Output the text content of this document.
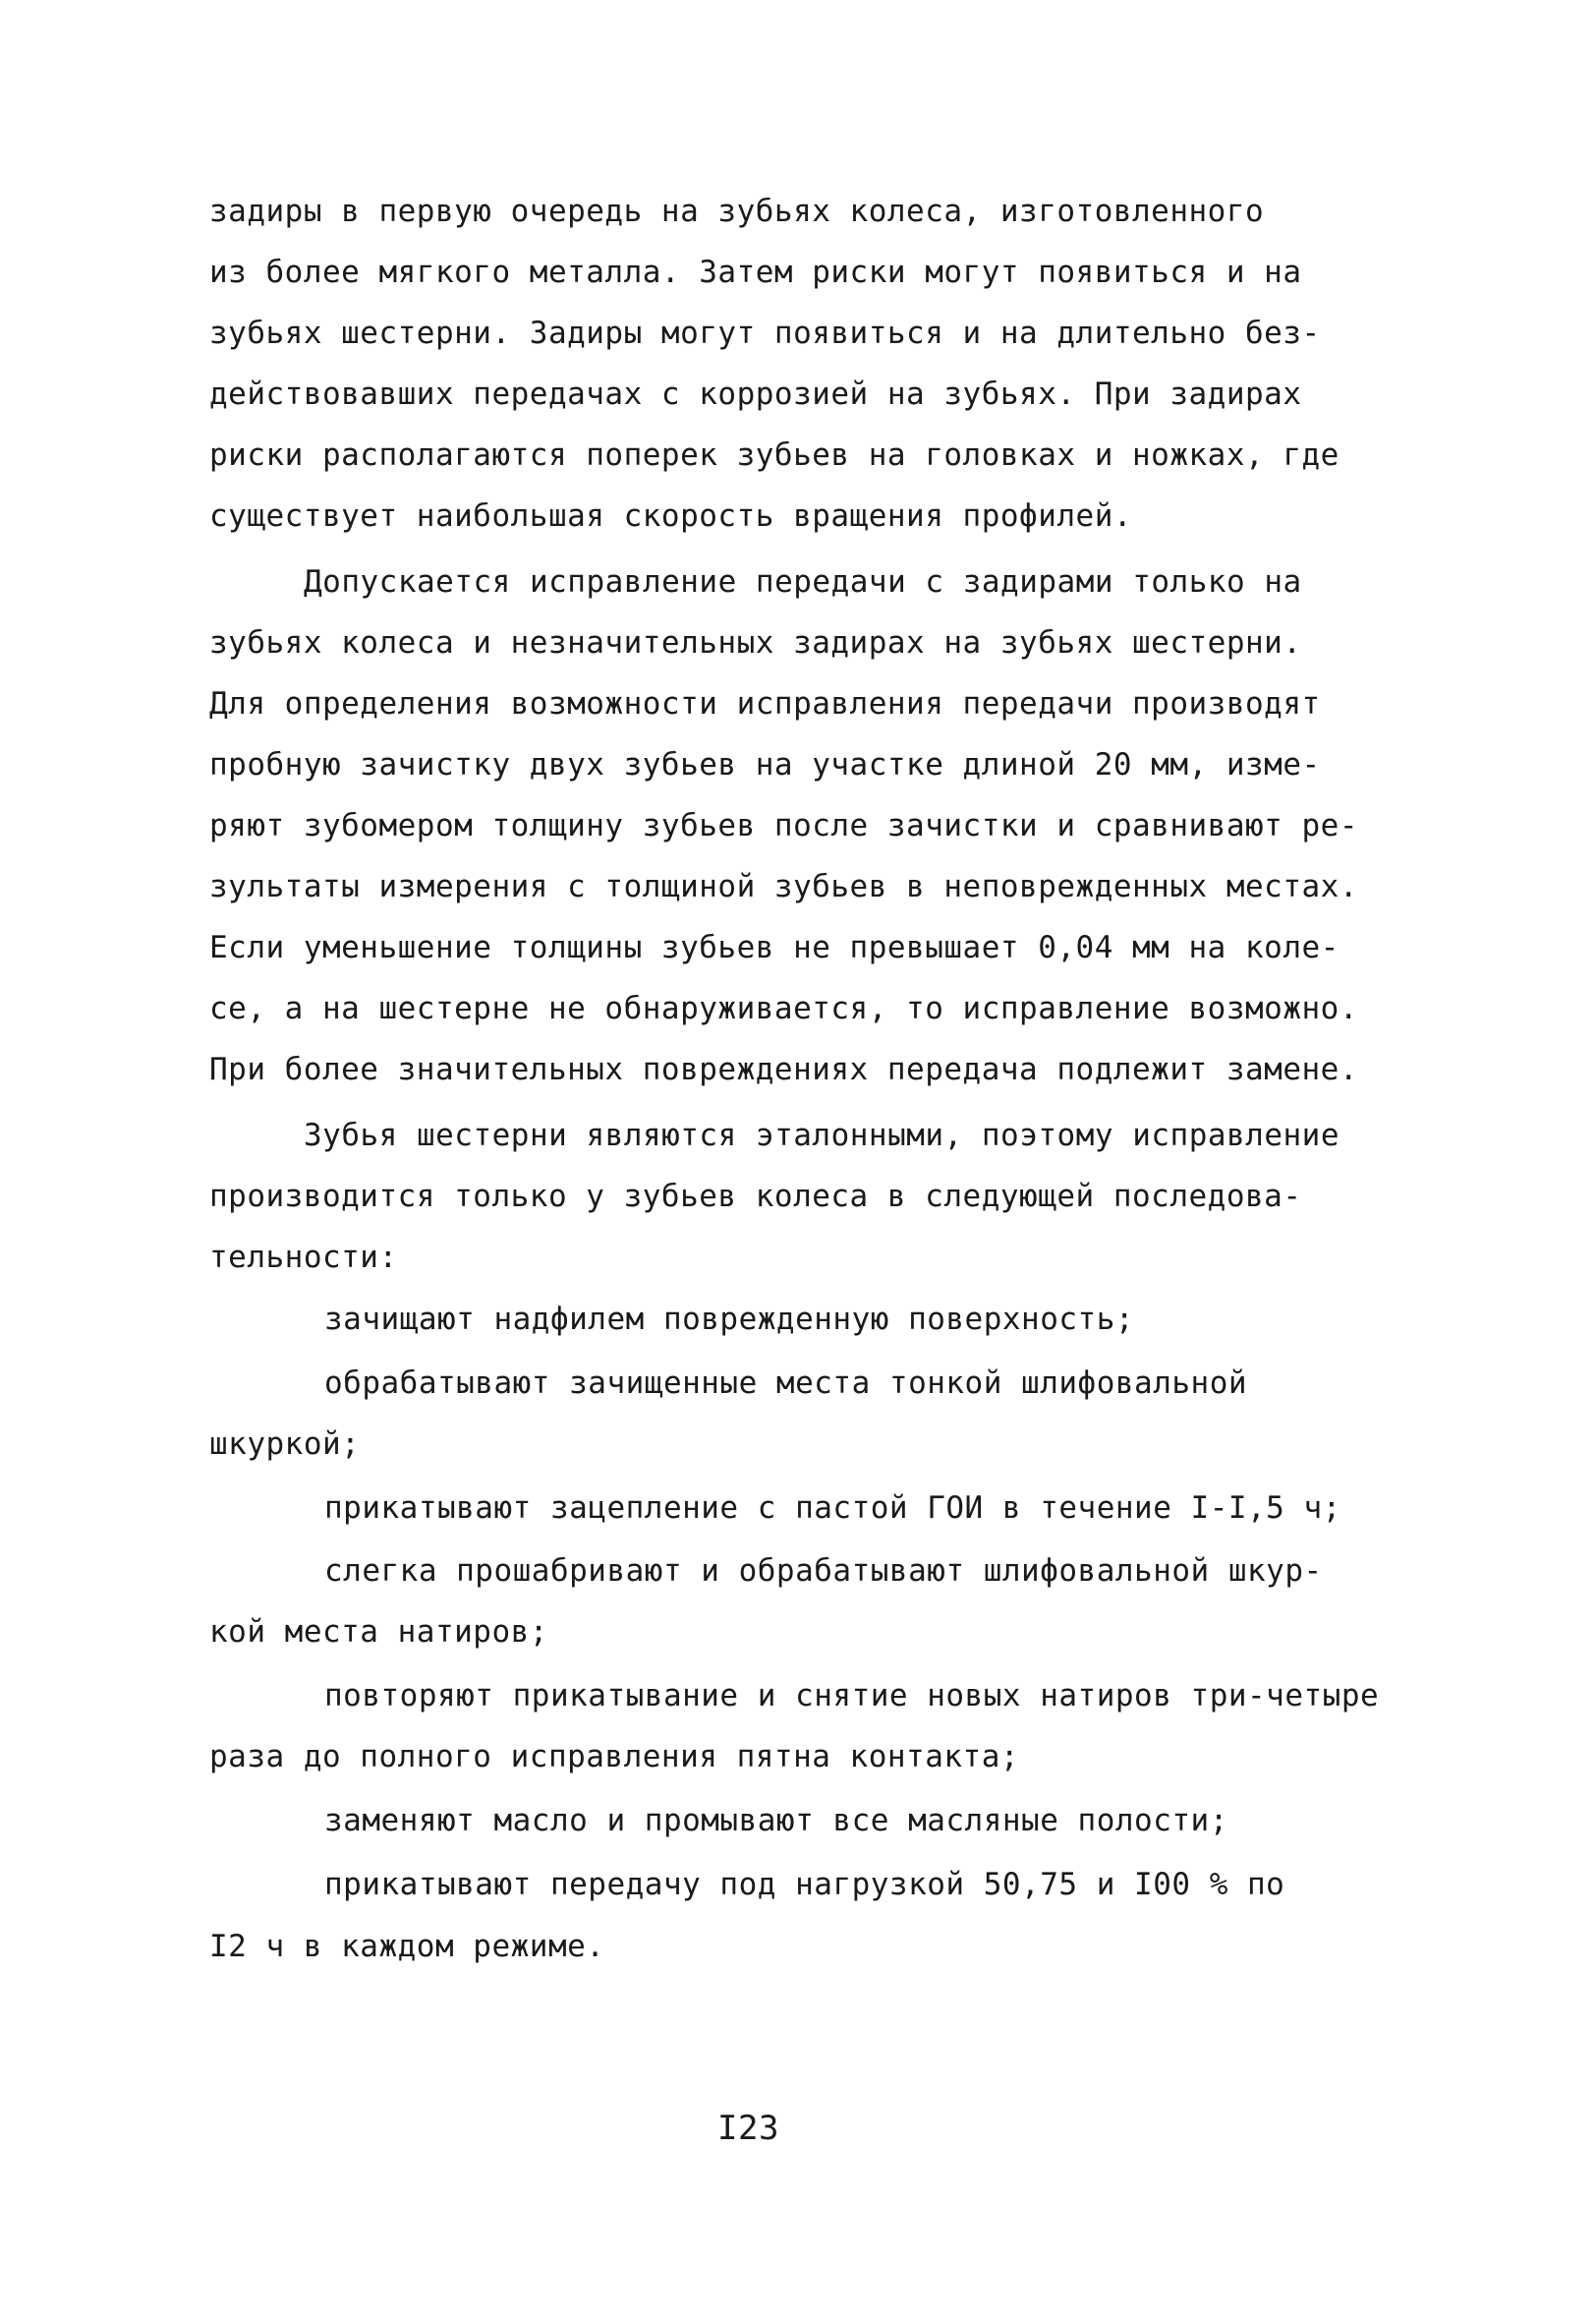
задиры в первую очередь на зубьях колеса, изготовленного
из более мягкого металла. Затем риски могут появиться и на
зубьях шестерни. Задиры могут появиться и на длительно без-
действовавших передачах с коррозией на зубьях. При задирах
риски располагаются поперек зубьев на головках и ножках, где
существует наибольшая скорость вращения профилей.
Допускается исправление передачи с задирами только на
зубьях колеса и незначительных задирах на зубьях шестерни.
Для определения возможности исправления передачи производят
пробную зачистку двух зубьев на участке длиной 20 мм, изме-
ряют зубомером толщину зубьев после зачистки и сравнивают ре-
зультаты измерения с толщиной зубьев в неповрежденных местах.
Если уменьшение толщины зубьев не превышает 0,04 мм на коле-
се, а на шестерне не обнаруживается, то исправление возможно.
При более значительных повреждениях передача подлежит замене.
Зубья шестерни являются эталонными, поэтому исправление
производится только у зубьев колеса в следующей последова-
тельности:
зачищают надфилем поврежденную поверхность;
обрабатывают зачищенные места тонкой шлифовальной
шкуркой;
прикатывают зацепление с пастой ГОИ в течение I-I,5 ч;
слегка прошабривают и обрабатывают шлифовальной шкур-
кой места натиров;
повторяют прикатывание и снятие новых натиров три-четыре
раза до полного исправления пятна контакта;
заменяют масло и промывают все масляные полости;
прикатывают передачу под нагрузкой 50,75 и I00 % по
I2 ч в каждом режиме.
I23
